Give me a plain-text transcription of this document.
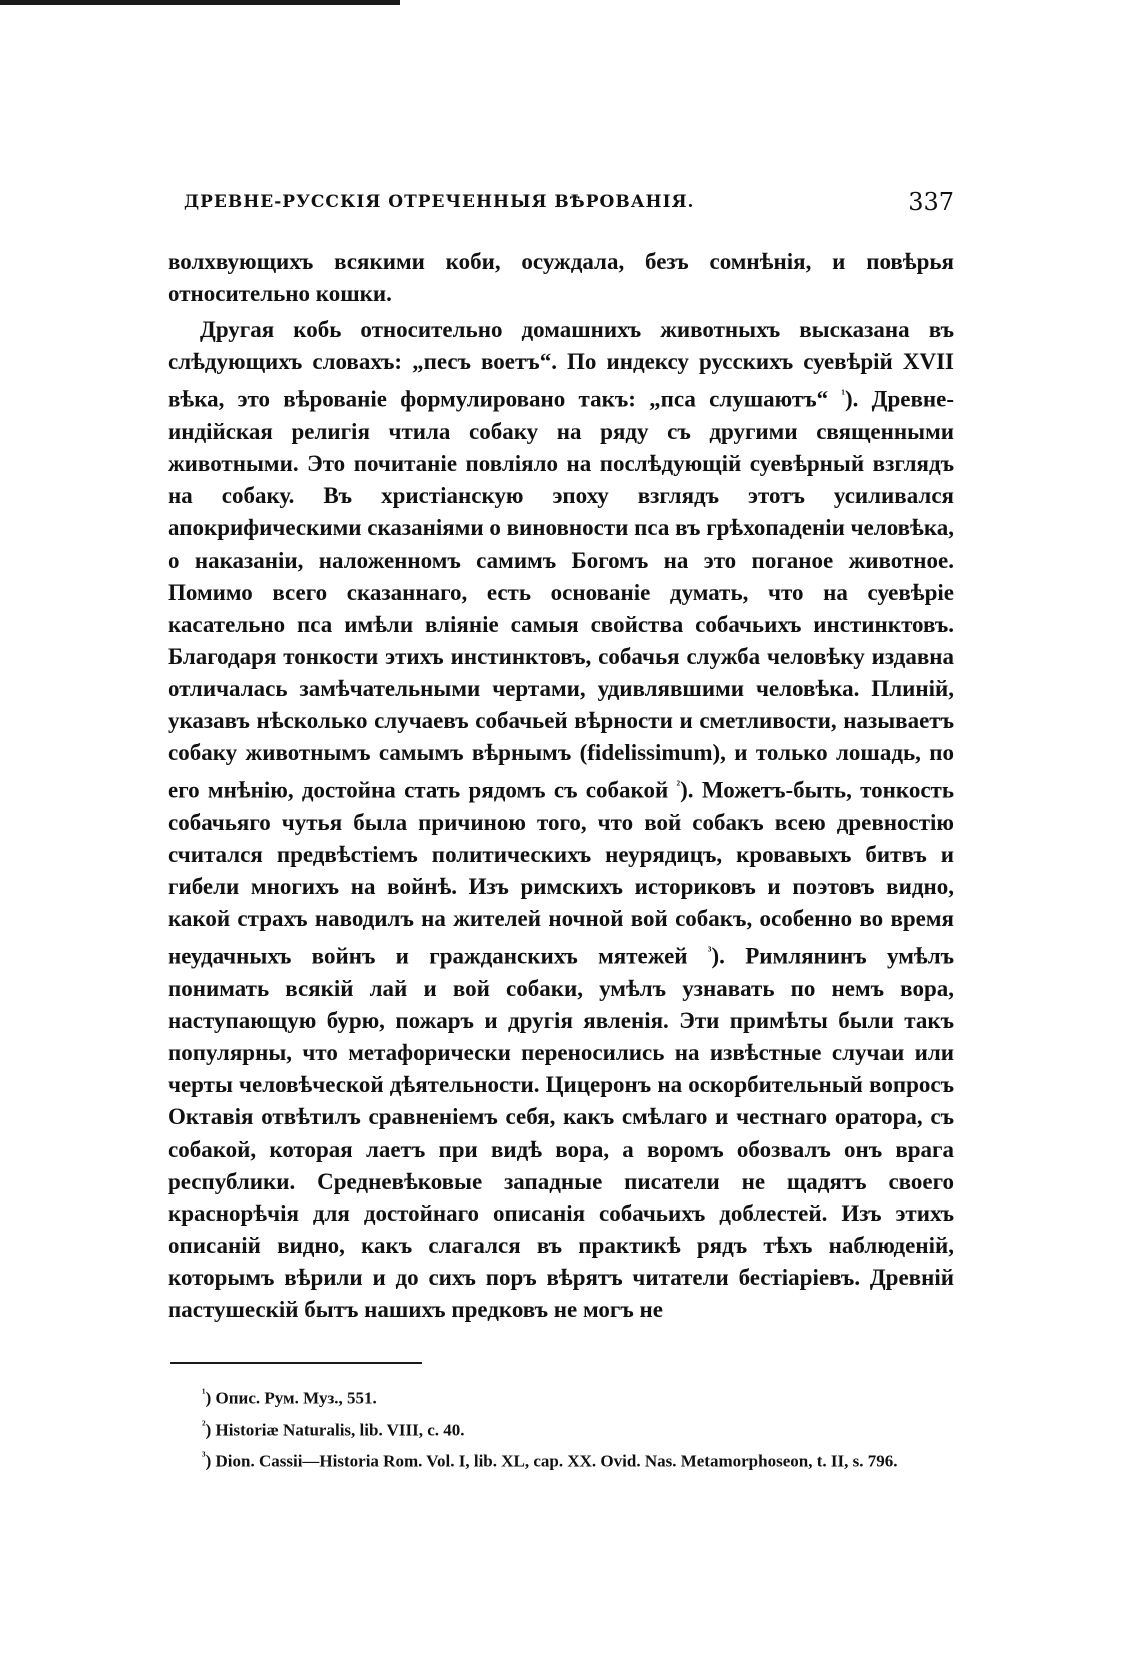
ДРЕВНЕ-РУССКІЯ ОТРЕЧЕННЫЯ ВѢРОВАНІЯ.	337

волхвующихъ всякими коби, осуждала, безъ сомнѣнія, и повѣрья относительно кошки.

Другая кобь относительно домашнихъ животныхъ высказана въ слѣдующихъ словахъ: „песъ воетъ“. По индексу русскихъ суевѣрій XVII вѣка, это вѣрованіе формулировано такъ: „пса слушаютъ“ $^{^1}$). Древне-индійская религія чтила собаку на ряду съ другими священными животными. Это почитаніе повліяло на послѣдующій суевѣрный взглядъ на собаку. Въ христіанскую эпоху взглядъ этотъ усиливался апокрифическими сказаніями о виновности пса въ грѣхопаденіи человѣка, о наказаніи, наложенномъ самимъ Богомъ на это поганое животное. Помимо всего сказаннаго, есть основаніе думать, что на суевѣріе касательно пса имѣли вліяніе самыя свойства собачьихъ инстинктовъ. Благодаря тонкости этихъ инстинктовъ, собачья служба человѣку издавна отличалась замѣчательными чертами, удивлявшими человѣка. Плиній, указавъ нѣсколько случаевъ собачьей вѣрности и сметливости, называетъ собаку животнымъ самымъ вѣрнымъ (fidelissimum), и только лошадь, по его мнѣнію, достойна стать рядомъ съ собакой $^{^2}$). Можетъ-быть, тонкость собачьяго чутья была причиною того, что вой собакъ всею древностію считался предвѣстіемъ политическихъ неурядицъ, кровавыхъ битвъ и гибели многихъ на войнѣ. Изъ римскихъ историковъ и поэтовъ видно, какой страхъ наводилъ на жителей ночной вой собакъ, особенно во время неудачныхъ войнъ и гражданскихъ мятежей $^{^3}$). Римлянинъ умѣлъ понимать всякій лай и вой собаки, умѣлъ узнавать по немъ вора, наступающую бурю, пожаръ и другія явленія. Эти примѣты были такъ популярны, что метафорически переносились на извѣстные случаи или черты человѣческой дѣятельности. Цицеронъ на оскорбительный вопросъ Октавія отвѣтилъ сравненіемъ себя, какъ смѣлаго и честнаго оратора, съ собакой, которая лаетъ при видѣ вора, а воромъ обозвалъ онъ врага республики. Средневѣковые западные писатели не щадятъ своего краснорѣчія для достойнаго описанія собачьихъ доблестей. Изъ этихъ описаній видно, какъ слагался въ практикѣ рядъ тѣхъ наблюденій, которымъ вѣрили и до сихъ поръ вѣрятъ читатели бестіаріевъ. Древній пастушескій бытъ нашихъ предковъ не могъ не

$^{^1}$) Опис. Рум. Муз., 551.
$^{^2}$) Historiæ Naturalis, lib. VIII, c. 40.
$^{^3}$) Dion. Cassii—Historia Rom. Vol. I, lib. XL, cap. XX. Ovid. Nas. Metamorphoseon, t. II, s. 796.
